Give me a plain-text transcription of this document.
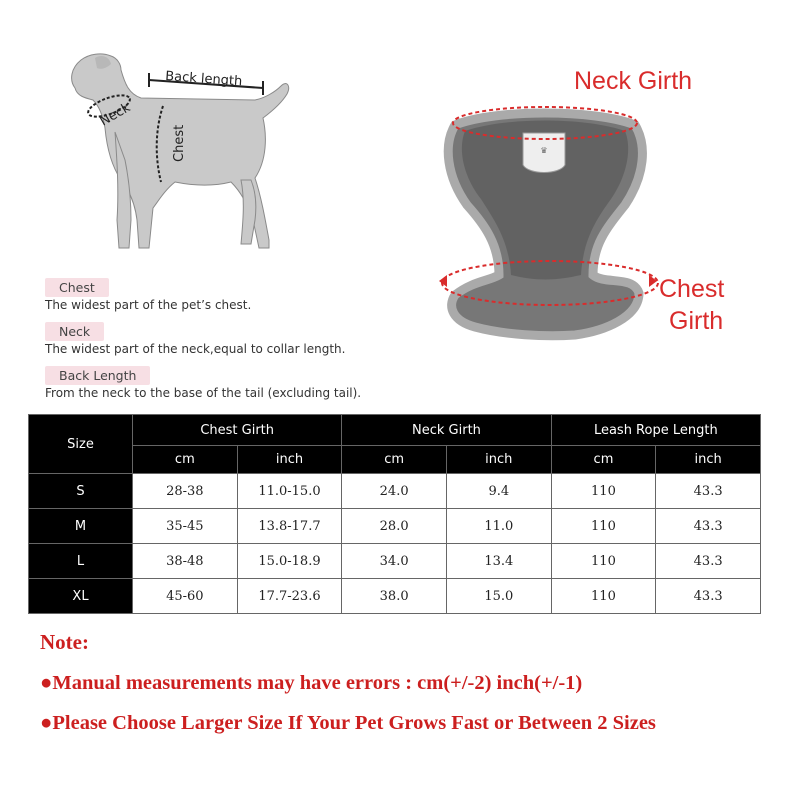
Back length
Neck
Chest	♛
Neck Girth
Chest
Girth
Chest
The widest part of the pet’s chest.
Neck
The widest part of the neck,equal to collar length.
Back Length
From the neck to the base of the tail (excluding tail).
Size	Chest Girth		Neck Girth		Leash Rope Length	
	cm	inch	cm	inch	cm	inch
S	28-38	11.0-15.0	24.0	9.4	110	43.3
M	35-45	13.8-17.7	28.0	11.0	110	43.3
L	38-48	15.0-18.9	34.0	13.4	110	43.3
XL	45-60	17.7-23.6	38.0	15.0	110	43.3
Note:
●Manual measurements may have errors : cm(+/-2) inch(+/-1)
●Please Choose Larger Size If Your Pet Grows Fast or Between 2 Sizes
